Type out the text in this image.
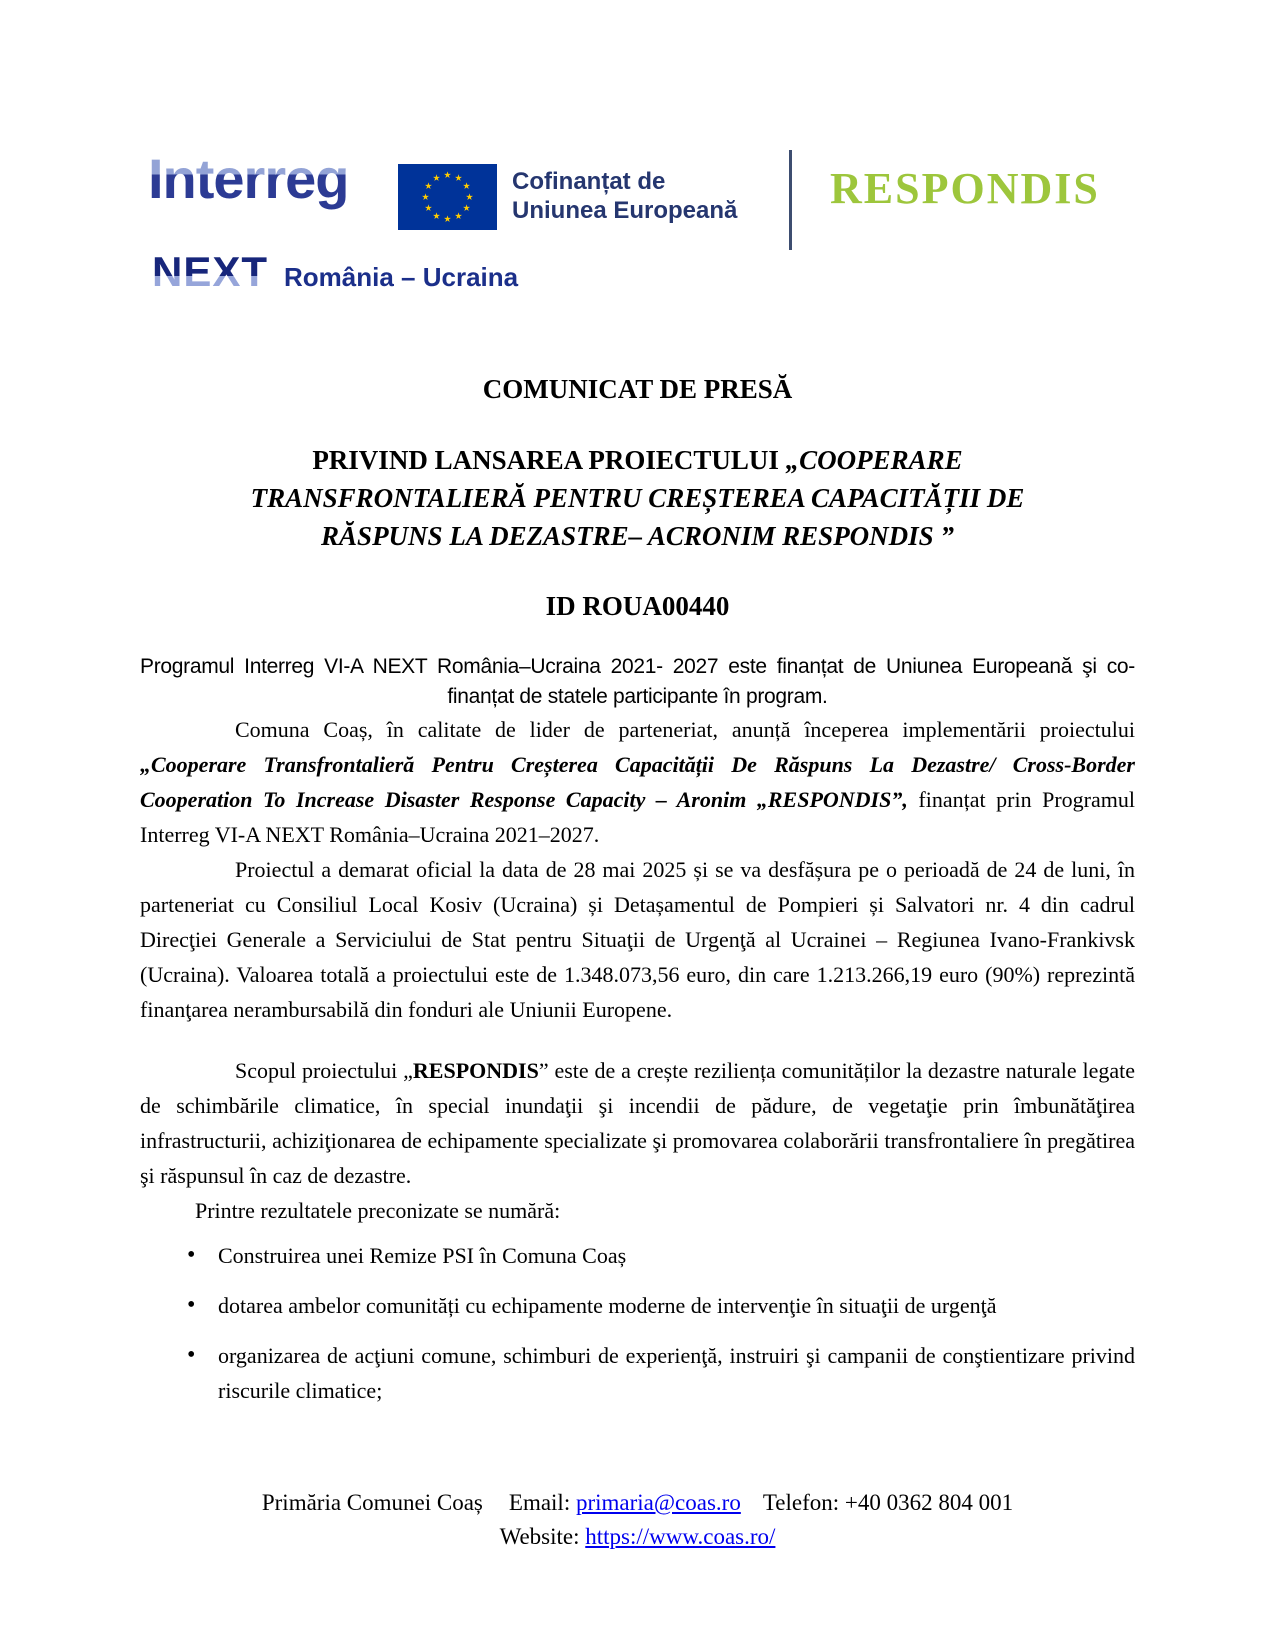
Interreg	Cofinanțat de
Uniunea Europeană RESPONDIS
NEXT România – Ucraina
COMUNICAT DE PRESĂ
PRIVIND LANSAREA PROIECTULUI „COOPERARE TRANSFRONTALIERĂ PENTRU CREȘTEREA CAPACITĂȚII DE RĂSPUNS LA DEZASTRE– ACRONIM RESPONDIS ”
ID ROUA00440
Programul Interreg VI-A NEXT România–Ucraina 2021- 2027 este finanțat de Uniunea Europeană şi co-finanțat de statele participante în program.

Comuna Coaș, în calitate de lider de parteneriat, anunță începerea implementării proiectului „Cooperare Transfrontalieră Pentru Creșterea Capacității De Răspuns La Dezastre/ Cross-Border Cooperation To Increase Disaster Response Capacity – Aronim „RESPONDIS”, finanțat prin Programul Interreg VI-A NEXT România–Ucraina 2021–2027.

Proiectul a demarat oficial la data de 28 mai 2025 și se va desfășura pe o perioadă de 24 de luni, în parteneriat cu Consiliul Local Kosiv (Ucraina) și Detașamentul de Pompieri și Salvatori nr. 4 din cadrul Direcţiei Generale a Serviciului de Stat pentru Situaţii de Urgenţă al Ucrainei – Regiunea Ivano-Frankivsk (Ucraina). Valoarea totală a proiectului este de 1.348.073,56 euro, din care 1.213.266,19 euro (90%) reprezintă finanţarea nerambursabilă din fonduri ale Uniunii Europene.

Scopul proiectului „RESPONDIS” este de a crește reziliența comunităților la dezastre naturale legate de schimbările climatice, în special inundaţii şi incendii de pădure, de vegetaţie prin îmbunătăţirea infrastructurii, achiziţionarea de echipamente specializate şi promovarea colaborării transfrontaliere în pregătirea şi răspunsul în caz de dezastre.

Printre rezultatele preconizate se numără:

• Construirea unei Remize PSI în Comuna Coaș
• dotarea ambelor comunități cu echipamente moderne de intervenţie în situaţii de urgenţă
• organizarea de acţiuni comune, schimburi de experienţă, instruiri şi campanii de conştientizare privind riscurile climatice;
Primăria Comunei Coaș Email: primaria@coas.ro Telefon: +40 0362 804 001
Website: https://www.coas.ro/
